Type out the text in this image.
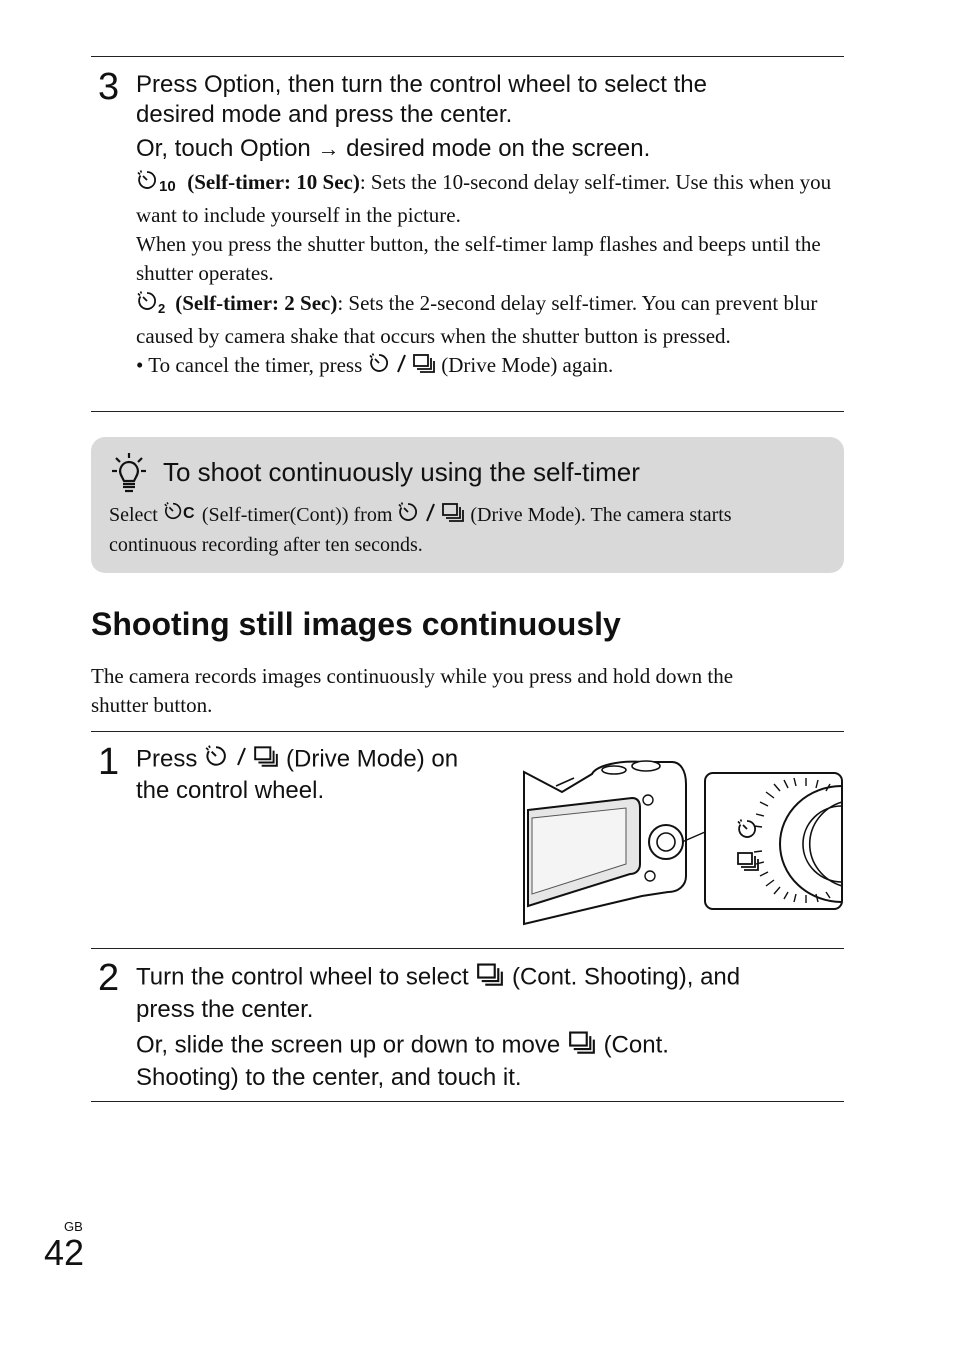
3 Press Option, then turn the control wheel to select the
desired mode and press the center.
Or, touch Option → desired mode on the screen.

10 (Self-timer: 10 Sec): Sets the 10-second delay self-timer. Use this when you want to include yourself in the picture.

When you press the shutter button, the self-timer lamp flashes and beeps until the shutter operates.

2 (Self-timer: 2 Sec): Sets the 2-second delay self-timer. You can prevent blur caused by camera shake that occurs when the shutter button is pressed.

• To cancel the timer, press	(Drive Mode) again.

To shoot continuously using the self-timer
Select C (Self-timer(Cont)) from	(Drive Mode). The camera starts
continuous recording after ten seconds.
Shooting still images continuously
The camera records images continuously while you press and hold down the
shutter button.
1 Press	(Drive Mode) on
the control wheel.
2 Turn the control wheel to select (Cont. Shooting), and
press the center.
Or, slide the screen up or down to move (Cont.
Shooting) to the center, and touch it.
GB
42
